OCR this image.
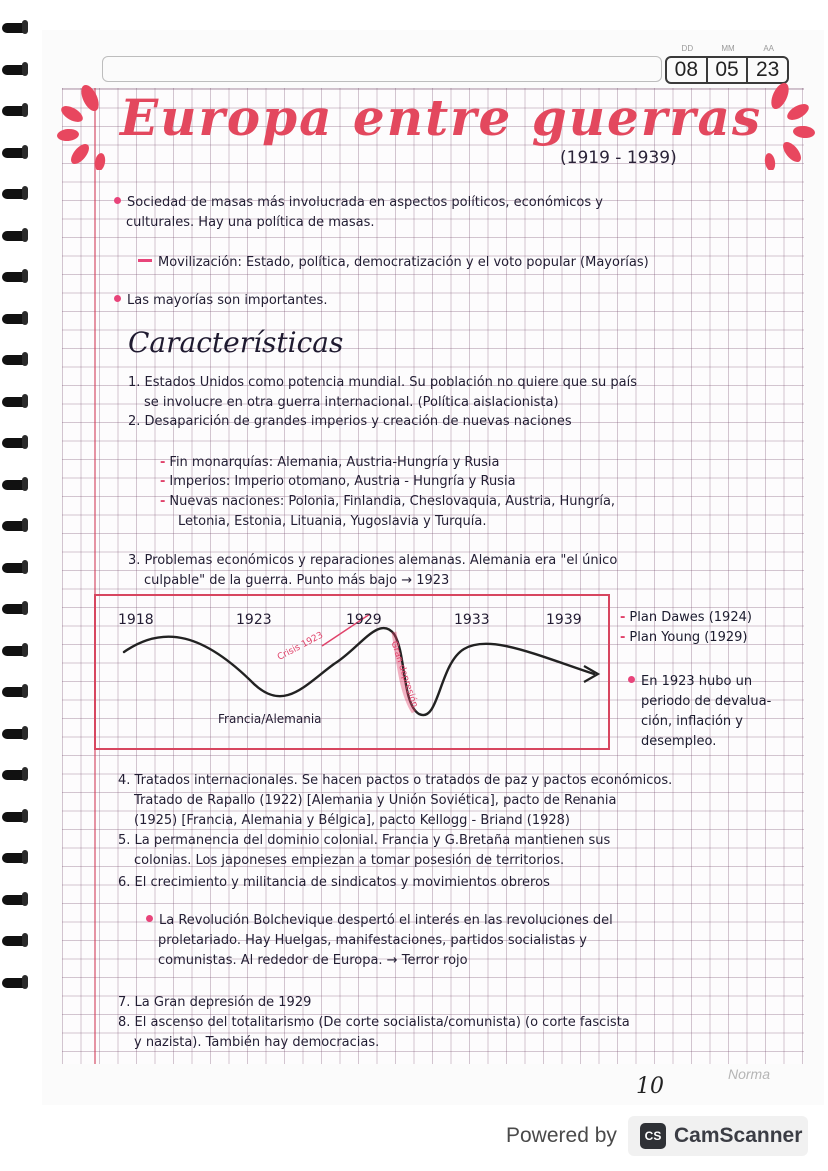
DD	MM	AA
08 05 23
Europa entre guerras
(1919 - 1939)
Sociedad de masas más involucrada en aspectos políticos, económicos y
culturales. Hay una política de masas.
Movilización: Estado, política, democratización y el voto popular (Mayorías)
Las mayorías son importantes.
Características
1. Estados Unidos como potencia mundial. Su población no quiere que su país
se involucre en otra guerra internacional. (Política aislacionista)
2. Desaparición de grandes imperios y creación de nuevas naciones
- Fin monarquías: Alemania, Austria-Hungría y Rusia
- Imperios: Imperio otomano, Austria - Hungría y Rusia
- Nuevas naciones: Polonia, Finlandia, Cheslovaquia, Austria, Hungría,
Letonia, Estonia, Lituania, Yugoslavia y Turquía.
3. Problemas económicos y reparaciones alemanas. Alemania era "el único
culpable" de la guerra. Punto más bajo → 1923
1918	1923	1929	1933	1939
Francia/Alemania
Crisis 1923	Gran depresión
- Plan Dawes (1924)
- Plan Young (1929)
En 1923 hubo un
periodo de devalua-
ción, inflación y
desempleo.
4. Tratados internacionales. Se hacen pactos o tratados de paz y pactos económicos.
Tratado de Rapallo (1922) [Alemania y Unión Soviética], pacto de Renania
(1925) [Francia, Alemania y Bélgica], pacto Kellogg - Briand (1928)
5. La permanencia del dominio colonial. Francia y G.Bretaña mantienen sus
colonias. Los japoneses empiezan a tomar posesión de territorios.
6. El crecimiento y militancia de sindicatos y movimientos obreros
La Revolución Bolchevique despertó el interés en las revoluciones del
proletariado. Hay Huelgas, manifestaciones, partidos socialistas y
comunistas. Al rededor de Europa. → Terror rojo
7. La Gran depresión de 1929
8. El ascenso del totalitarismo (De corte socialista/comunista) (o corte fascista
y nazista). También hay democracias.
10	Norma
Powered by	CS CamScanner
